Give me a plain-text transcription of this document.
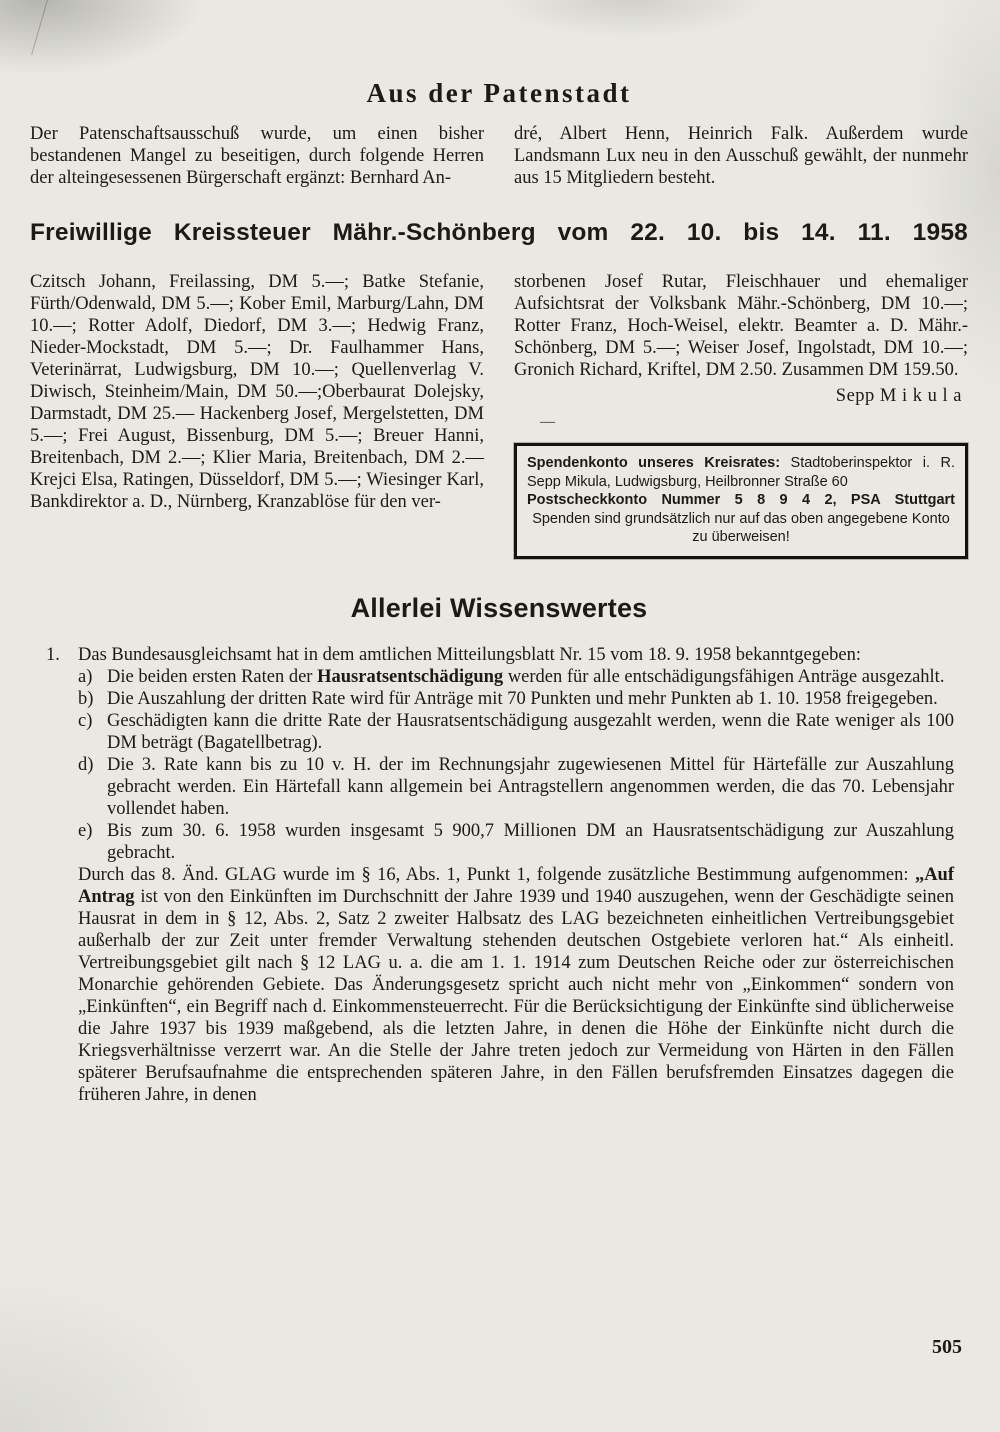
Aus der Patenstadt
Der Patenschaftsausschuß wurde, um einen bisher bestandenen Mangel zu beseitigen, durch folgende Herren der alteingesessenen Bürgerschaft ergänzt: Bernhard An-
dré, Albert Henn, Heinrich Falk. Außerdem wurde Landsmann Lux neu in den Ausschuß gewählt, der nunmehr aus 15 Mitgliedern besteht.
Freiwillige Kreissteuer Mähr.-Schönberg vom 22. 10. bis 14. 11. 1958
Czitsch Johann, Freilassing, DM 5.—; Batke Stefanie, Fürth/Odenwald, DM 5.—; Kober Emil, Marburg/Lahn, DM 10.—; Rotter Adolf, Diedorf, DM 3.—; Hedwig Franz, Nieder-Mockstadt, DM 5.—; Dr. Faulhammer Hans, Veterinärrat, Ludwigsburg, DM 10.—; Quellenverlag V. Diwisch, Steinheim/Main, DM 50.—;Oberbaurat Dolejsky, Darmstadt, DM 25.— Hackenberg Josef, Mergelstetten, DM 5.—; Frei August, Bissenburg, DM 5.—; Breuer Hanni, Breitenbach, DM 2.—; Klier Maria, Breitenbach, DM 2.— Krejci Elsa, Ratingen, Düsseldorf, DM 5.—; Wiesinger Karl, Bankdirektor a. D., Nürnberg, Kranzablöse für den ver-
storbenen Josef Rutar, Fleischhauer und ehemaliger Aufsichtsrat der Volksbank Mähr.-Schönberg, DM 10.—; Rotter Franz, Hoch-Weisel, elektr. Beamter a. D. Mähr.-Schönberg, DM 5.—; Weiser Josef, Ingolstadt, DM 10.—; Gronich Richard, Kriftel, DM 2.50. Zusammen DM 159.50.
Sepp M i k u l a
—

Spendenkonto unseres Kreisrates: Stadtoberinspektor i. R. Sepp Mikula, Ludwigsburg, Heilbronner Straße 60

Postscheckkonto Nummer 5 8 9 4 2, PSA Stuttgart

Spenden sind grundsätzlich nur auf das oben angegebene Konto zu überweisen!

Allerlei Wissenswertes
1. Das Bundesausgleichsamt hat in dem amtlichen Mitteilungsblatt Nr. 15 vom 18. 9. 1958 bekanntgegeben:
a) Die beiden ersten Raten der Hausratsentschädigung werden für alle entschädigungsfähigen Anträge ausgezahlt.
b) Die Auszahlung der dritten Rate wird für Anträge mit 70 Punkten und mehr Punkten ab 1. 10. 1958 freigegeben.
c) Geschädigten kann die dritte Rate der Hausratsentschädigung ausgezahlt werden, wenn die Rate weniger als 100 DM beträgt (Bagatellbetrag).
d) Die 3. Rate kann bis zu 10 v. H. der im Rechnungsjahr zugewiesenen Mittel für Härtefälle zur Auszahlung gebracht werden. Ein Härtefall kann allgemein bei Antragstellern angenommen werden, die das 70. Lebensjahr vollendet haben.
e) Bis zum 30. 6. 1958 wurden insgesamt 5 900,7 Millionen DM an Hausratsentschädigung zur Auszahlung gebracht.
Durch das 8. Änd. GLAG wurde im § 16, Abs. 1, Punkt 1, folgende zusätzliche Bestimmung aufgenommen: „Auf Antrag ist von den Einkünften im Durchschnitt der Jahre 1939 und 1940 auszugehen, wenn der Geschädigte seinen Hausrat in dem in § 12, Abs. 2, Satz 2 zweiter Halbsatz des LAG bezeichneten einheitlichen Vertreibungsgebiet außerhalb der zur Zeit unter fremder Verwaltung stehenden deutschen Ostgebiete verloren hat.“ Als einheitl. Vertreibungsgebiet gilt nach § 12 LAG u. a. die am 1. 1. 1914 zum Deutschen Reiche oder zur österreichischen Monarchie gehörenden Gebiete. Das Änderungsgesetz spricht auch nicht mehr von „Einkommen“ sondern von „Einkünften“, ein Begriff nach d. Einkommensteuerrecht. Für die Berücksichtigung der Einkünfte sind üblicherweise die Jahre 1937 bis 1939 maßgebend, als die letzten Jahre, in denen die Höhe der Einkünfte nicht durch die Kriegsverhältnisse verzerrt war. An die Stelle der Jahre treten jedoch zur Vermeidung von Härten in den Fällen späterer Berufsaufnahme die entsprechenden späteren Jahre, in den Fällen berufsfremden Einsatzes dagegen die früheren Jahre, in denen
505
